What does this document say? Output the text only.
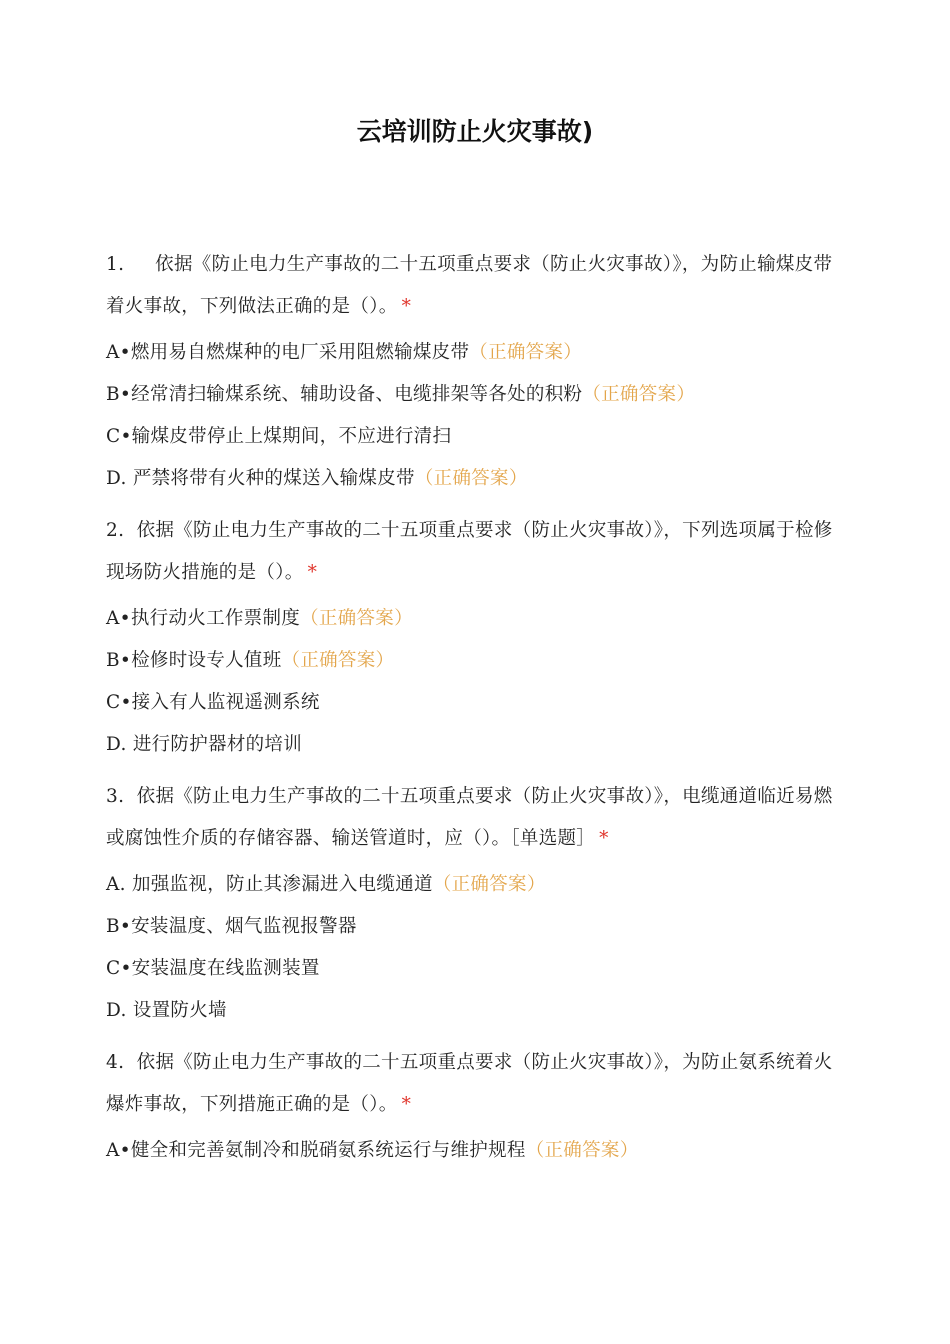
云培训防止火灾事故)
1. 依据《防止电力生产事故的二十五项重点要求（防止火灾事故）》，为防止输煤皮带着火事故，下列做法正确的是（）。 *
A•燃用易自燃煤种的电厂采用阻燃输煤皮带（正确答案）
B•经常清扫输煤系统、辅助设备、电缆排架等各处的积粉（正确答案）
C•输煤皮带停止上煤期间，不应进行清扫
D. 严禁将带有火种的煤送入输煤皮带（正确答案）
2. 依据《防止电力生产事故的二十五项重点要求（防止火灾事故）》，下列选项属于检修现场防火措施的是（）。 *
A•执行动火工作票制度（正确答案）
B•检修时设专人值班（正确答案）
C•接入有人监视遥测系统
D. 进行防护器材的培训
3. 依据《防止电力生产事故的二十五项重点要求（防止火灾事故）》，电缆通道临近易燃或腐蚀性介质的存储容器、输送管道时，应（）。［单选题］ *
A. 加强监视，防止其渗漏进入电缆通道（正确答案）
B•安装温度、烟气监视报警器
C•安装温度在线监测装置
D. 设置防火墙
4. 依据《防止电力生产事故的二十五项重点要求（防止火灾事故）》，为防止氨系统着火爆炸事故，下列措施正确的是（）。 *
A•健全和完善氨制冷和脱硝氨系统运行与维护规程（正确答案）
